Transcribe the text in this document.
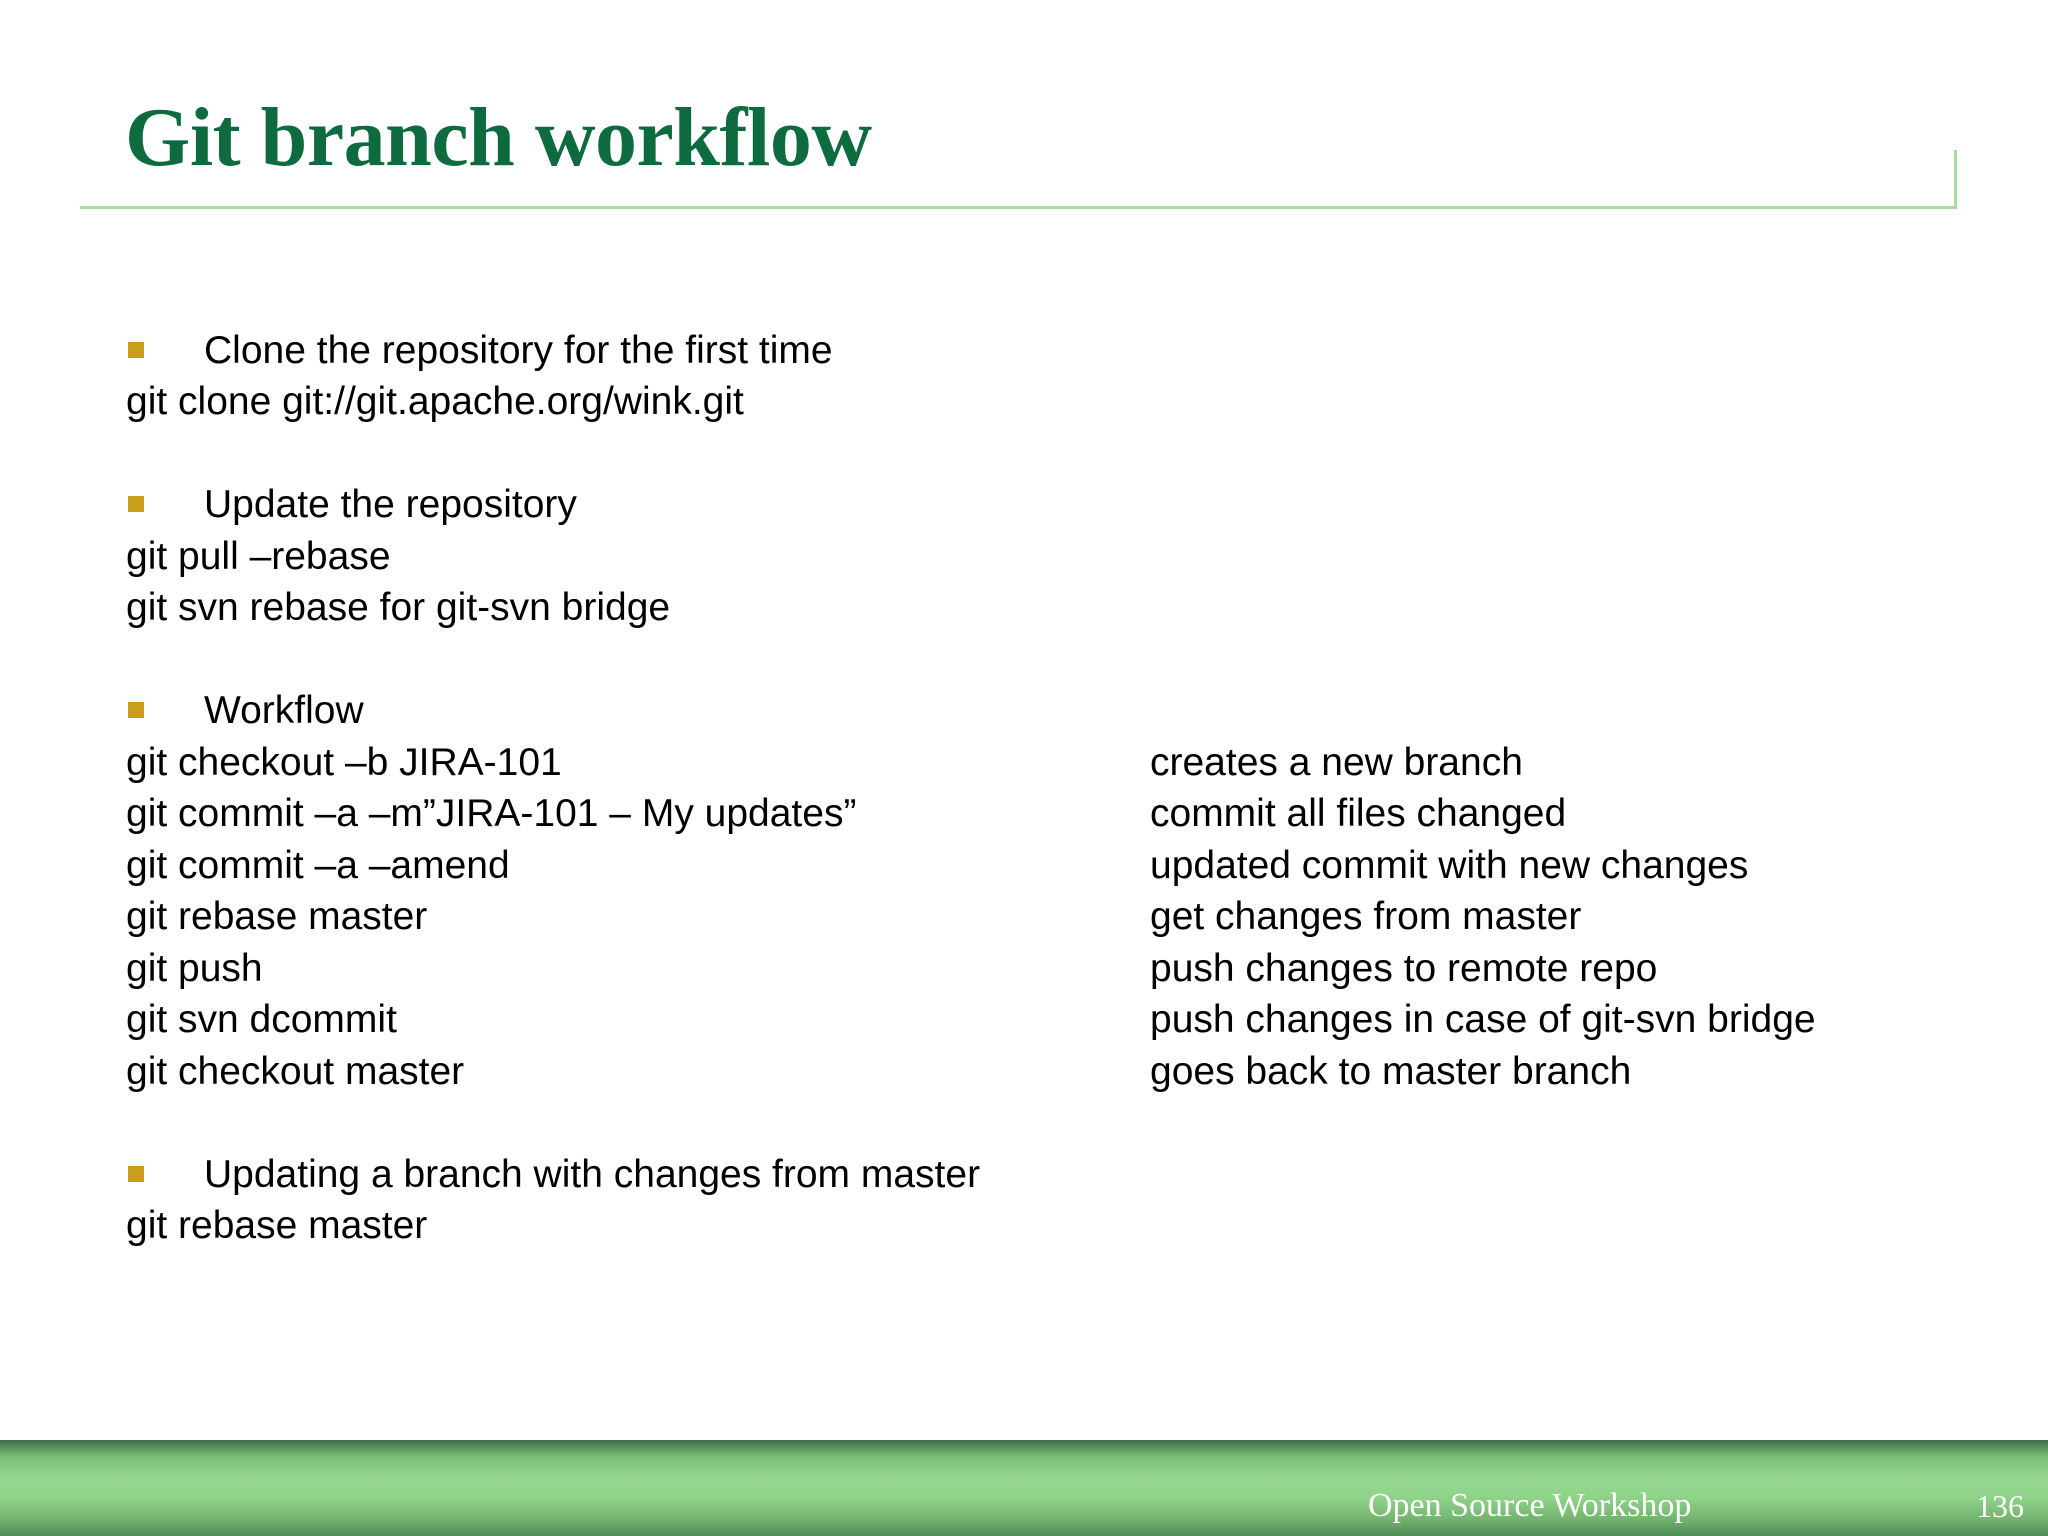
Git branch workflow
Clone the repository for the first time
git clone git://git.apache.org/wink.git
Update the repository
git pull –rebase
git svn rebase for git-svn bridge
Workflow
git checkout –b JIRA-101	creates a new branch
git commit –a –m”JIRA-101 – My updates”	commit all files changed
git commit –a –amend	updated commit with new changes
git rebase master	get changes from master
git push	push changes to remote repo
git svn dcommit	push changes in case of git-svn bridge
git checkout master	goes back to master branch
Updating a branch with changes from master
git rebase master
Open Source Workshop	136
